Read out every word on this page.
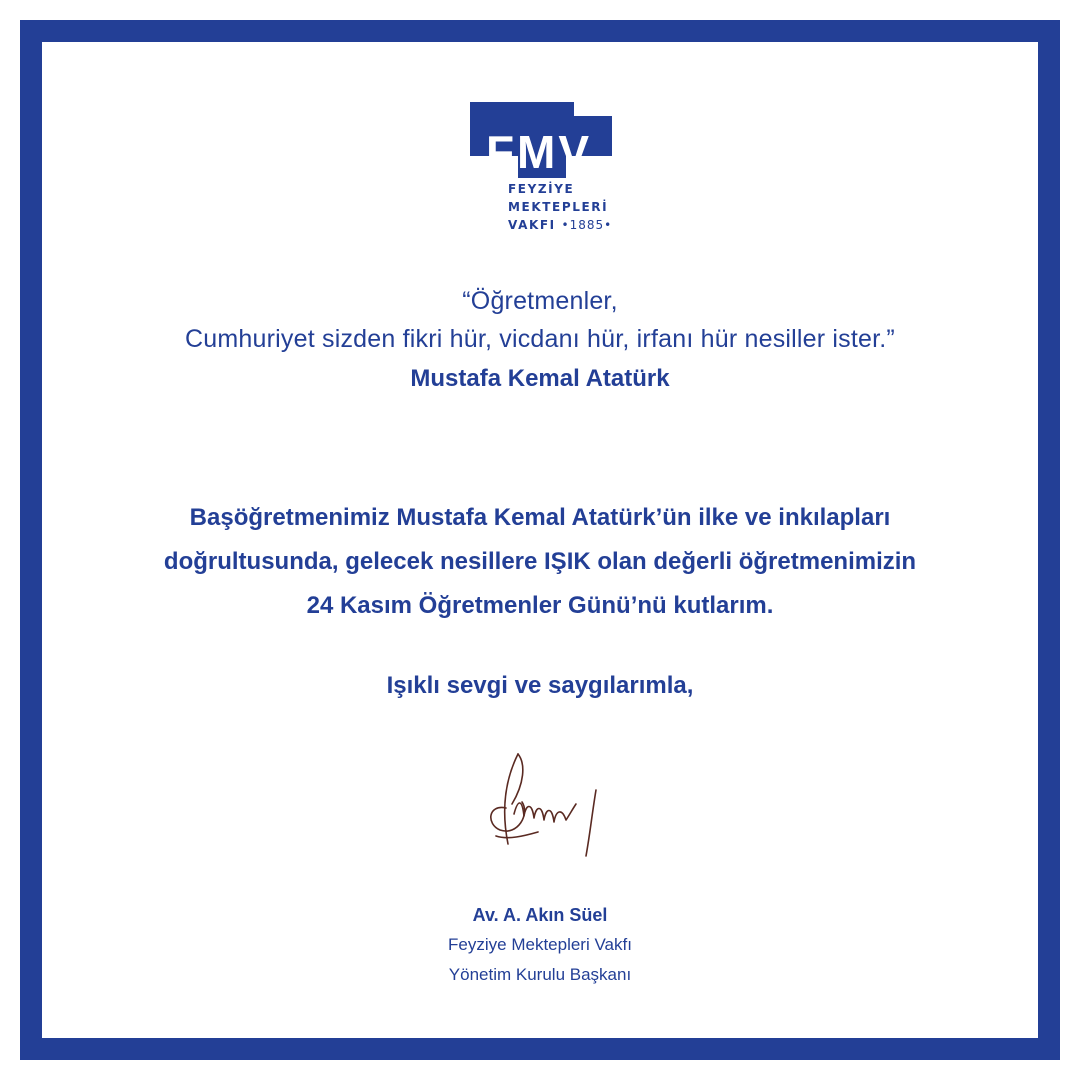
FMV
FEYZİYE
MEKTEPLERİ
VAKFI •1885•
“Öğretmenler,
Cumhuriyet sizden fikri hür, vicdanı hür, irfanı hür nesiller ister.”
Mustafa Kemal Atatürk
Başöğretmenimiz Mustafa Kemal Atatürk’ün ilke ve inkılapları
doğrultusunda, gelecek nesillere IŞIK olan değerli öğretmenimizin
24 Kasım Öğretmenler Günü’nü kutlarım.
Işıklı sevgi ve saygılarımla,
Av. A. Akın Süel
Feyziye Mektepleri Vakfı
Yönetim Kurulu Başkanı
